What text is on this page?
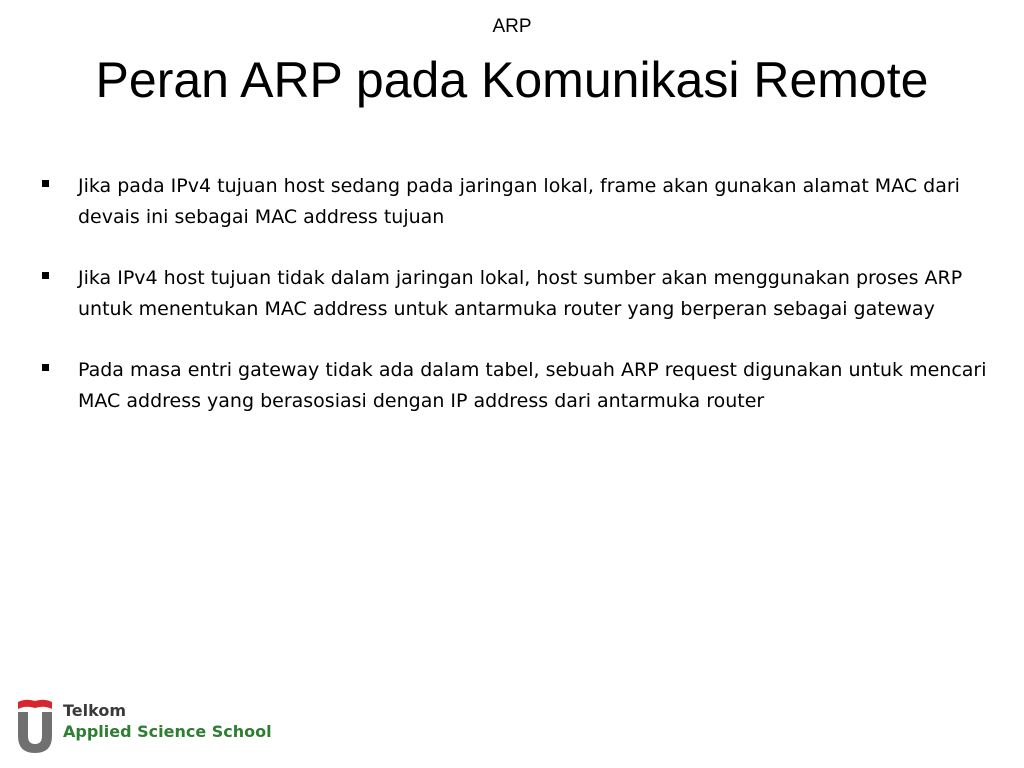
ARP
Peran ARP pada Komunikasi Remote
Jika pada IPv4 tujuan host sedang pada jaringan lokal, frame akan gunakan alamat MAC dari devais ini sebagai MAC address tujuan
Jika IPv4 host tujuan tidak dalam jaringan lokal, host sumber akan menggunakan proses ARP untuk menentukan MAC address untuk antarmuka router yang berperan sebagai gateway
Pada masa entri gateway tidak ada dalam tabel, sebuah ARP request digunakan untuk mencari MAC address yang berasosiasi dengan IP address dari antarmuka router
Telkom
Applied Science School
